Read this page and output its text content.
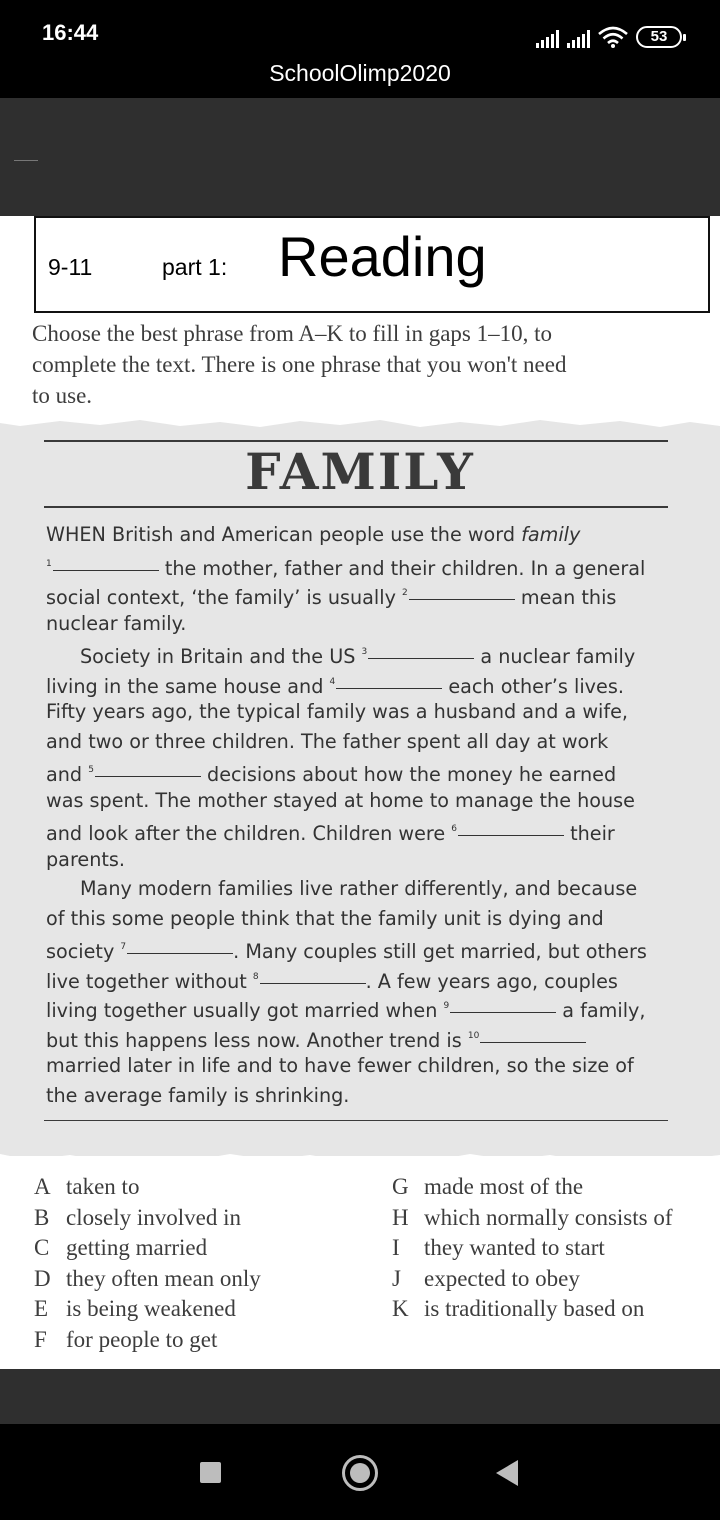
16:44	53
SchoolOlimp2020
9-11	part 1: Reading
Choose the best phrase from A–K to fill in gaps 1–10, to
complete the text. There is one phrase that you won't need
to use.
FAMILY
WHEN British and American people use the word family
$^1$	the mother, father and their children. In a general
social context, ‘the family’ is usually $^2$	mean this
nuclear family.
Society in Britain and the US $^3$	a nuclear family
living in the same house and $^4$	each other’s lives.
Fifty years ago, the typical family was a husband and a wife,
and two or three children. The father spent all day at work
and $^5$	decisions about how the money he earned
was spent. The mother stayed at home to manage the house
and look after the children. Children were $^6$	their
parents.
Many modern families live rather differently, and because
of this some people think that the family unit is dying and
society $^7$	. Many couples still get married, but others
live together without $^8$	. A few years ago, couples
living together usually got married when $^9$	a family,
but this happens less now. Another trend is $^{10}$
married later in life and to have fewer children, so the size of
the average family is shrinking.
A taken to
B closely involved in
C getting married
D they often mean only
E is being weakened
F for people to get
G made most of the
H which normally consists of
I they wanted to start
J expected to obey
K is traditionally based on
